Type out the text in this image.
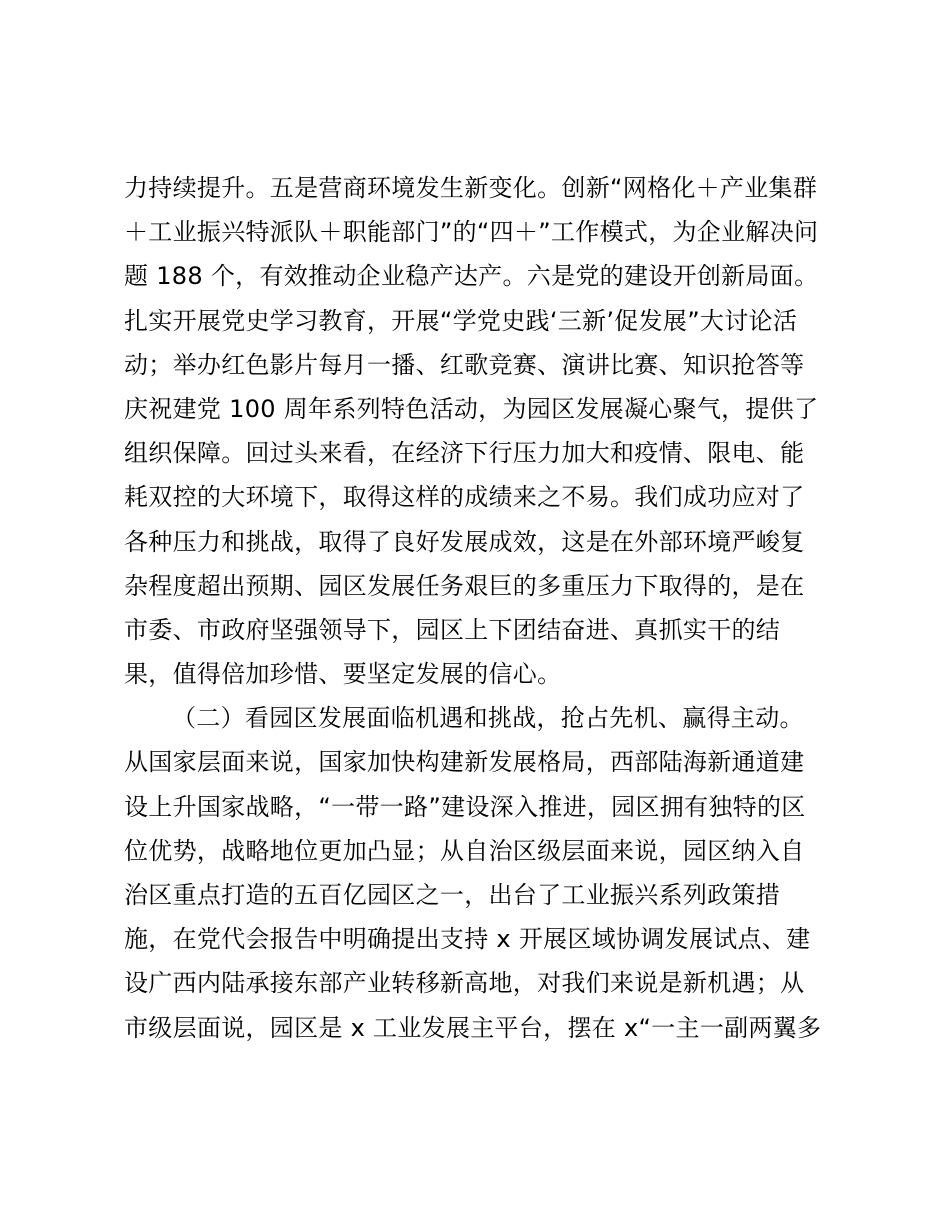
力持续提升。五是营商环境发生新变化。创新“网格化＋产业集群
＋工业振兴特派队＋职能部门”的“四＋”工作模式，为企业解决问
题 188 个，有效推动企业稳产达产。六是党的建设开创新局面。
扎实开展党史学习教育，开展“学党史践‘三新’促发展”大讨论活
动；举办红色影片每月一播、红歌竞赛、演讲比赛、知识抢答等
庆祝建党 100 周年系列特色活动，为园区发展凝心聚气，提供了
组织保障。回过头来看，在经济下行压力加大和疫情、限电、能
耗双控的大环境下，取得这样的成绩来之不易。我们成功应对了
各种压力和挑战，取得了良好发展成效，这是在外部环境严峻复
杂程度超出预期、园区发展任务艰巨的多重压力下取得的，是在
市委、市政府坚强领导下，园区上下团结奋进、真抓实干的结
果，值得倍加珍惜、要坚定发展的信心。
（二）看园区发展面临机遇和挑战，抢占先机、赢得主动。
从国家层面来说，国家加快构建新发展格局，西部陆海新通道建
设上升国家战略，“一带一路”建设深入推进，园区拥有独特的区
位优势，战略地位更加凸显；从自治区级层面来说，园区纳入自
治区重点打造的五百亿园区之一，出台了工业振兴系列政策措
施，在党代会报告中明确提出支持 x 开展区域协调发展试点、建
设广西内陆承接东部产业转移新高地，对我们来说是新机遇；从
市级层面说，园区是 x 工业发展主平台，摆在 x“一主一副两翼多
